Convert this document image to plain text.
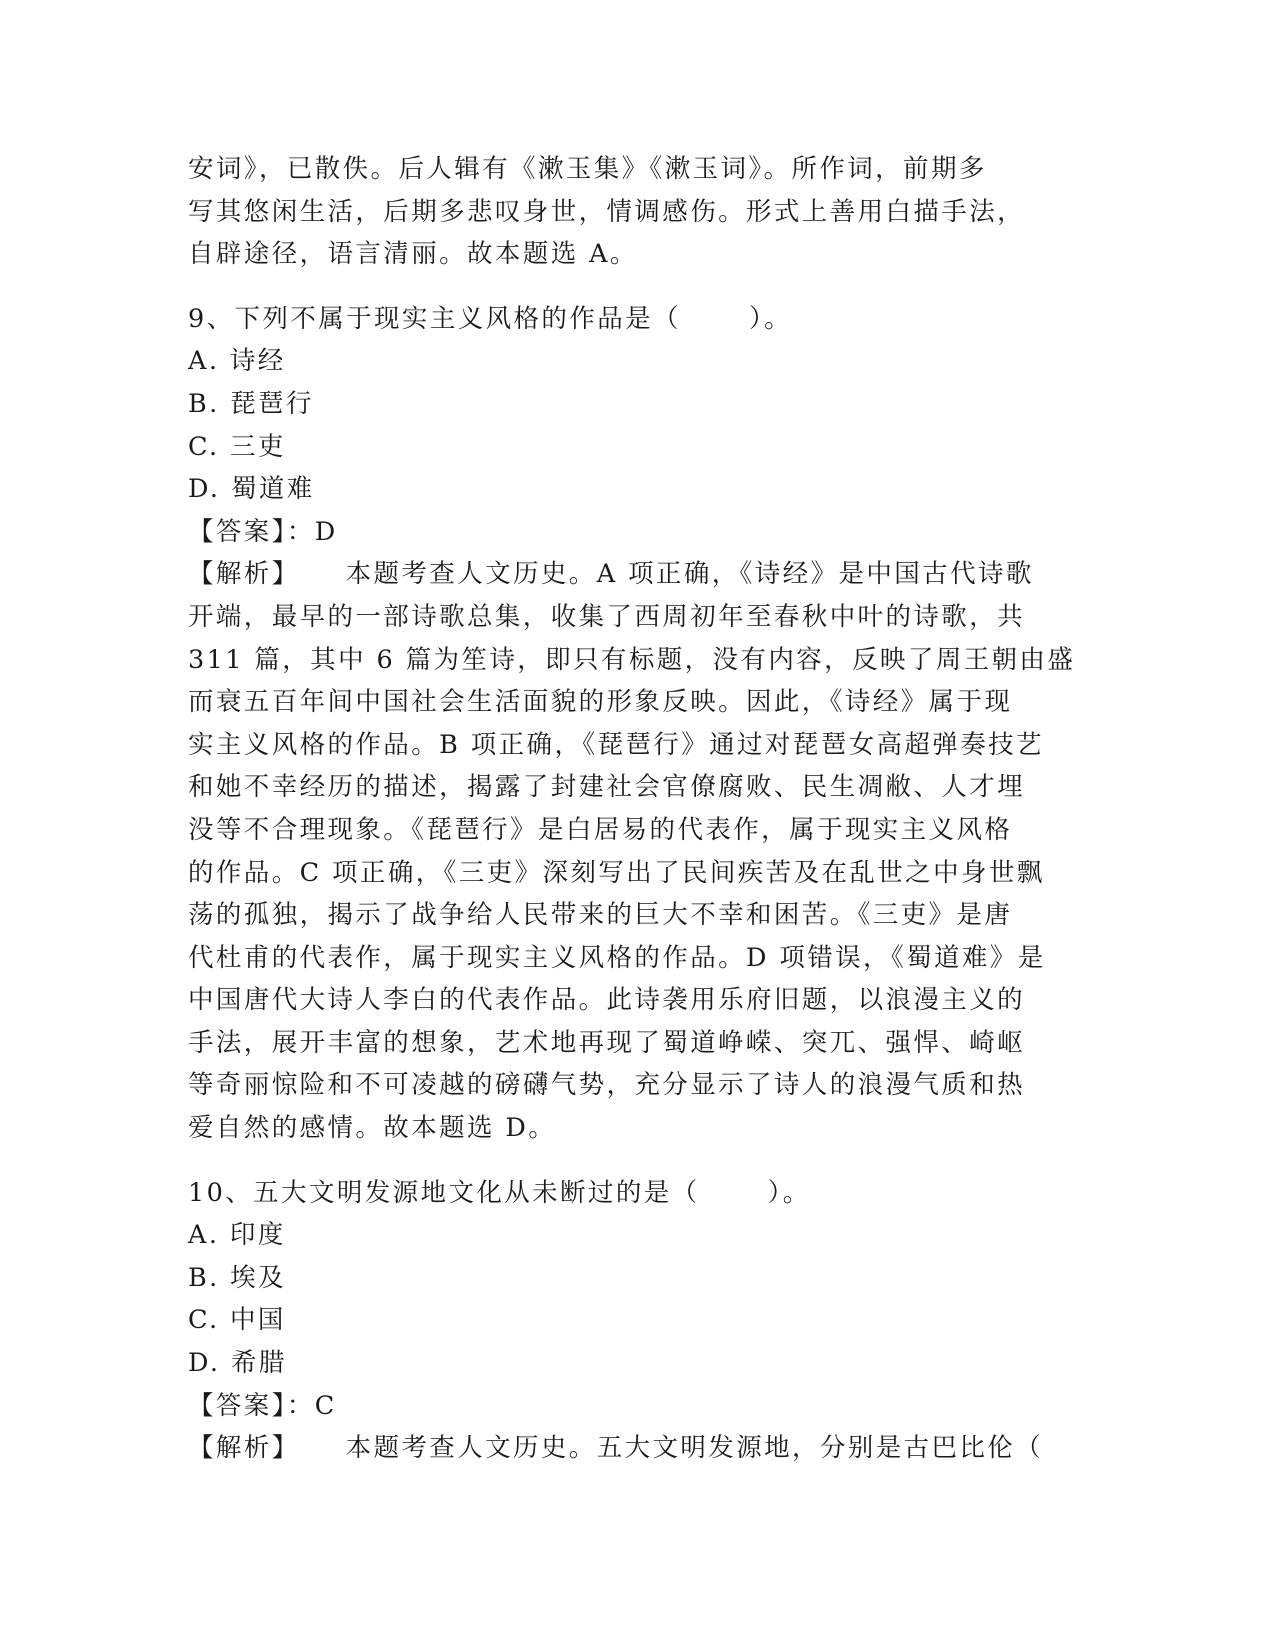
安词》，已散佚。后人辑有《漱玉集》《漱玉词》。所作词，前期多
写其悠闲生活，后期多悲叹身世，情调感伤。形式上善用白描手法，
自辟途径，语言清丽。故本题选 A。
9、下列不属于现实主义风格的作品是（	）。
A. 诗经
B. 琵琶行
C. 三吏
D. 蜀道难
【答案】：D
【解析】 本题考查人文历史。A 项正确，《诗经》是中国古代诗歌
开端，最早的一部诗歌总集，收集了西周初年至春秋中叶的诗歌，共
311 篇，其中 6 篇为笙诗，即只有标题，没有内容，反映了周王朝由盛
而衰五百年间中国社会生活面貌的形象反映。因此，《诗经》属于现
实主义风格的作品。B 项正确，《琵琶行》通过对琵琶女高超弹奏技艺
和她不幸经历的描述，揭露了封建社会官僚腐败、民生凋敝、人才埋
没等不合理现象。《琵琶行》是白居易的代表作，属于现实主义风格
的作品。C 项正确，《三吏》深刻写出了民间疾苦及在乱世之中身世飘
荡的孤独，揭示了战争给人民带来的巨大不幸和困苦。《三吏》是唐
代杜甫的代表作，属于现实主义风格的作品。D 项错误，《蜀道难》是
中国唐代大诗人李白的代表作品。此诗袭用乐府旧题，以浪漫主义的
手法，展开丰富的想象，艺术地再现了蜀道峥嵘、突兀、强悍、崎岖
等奇丽惊险和不可凌越的磅礴气势，充分显示了诗人的浪漫气质和热
爱自然的感情。故本题选 D。
10、五大文明发源地文化从未断过的是（	）。
A. 印度
B. 埃及
C. 中国
D. 希腊
【答案】：C
【解析】 本题考查人文历史。五大文明发源地，分别是古巴比伦（
